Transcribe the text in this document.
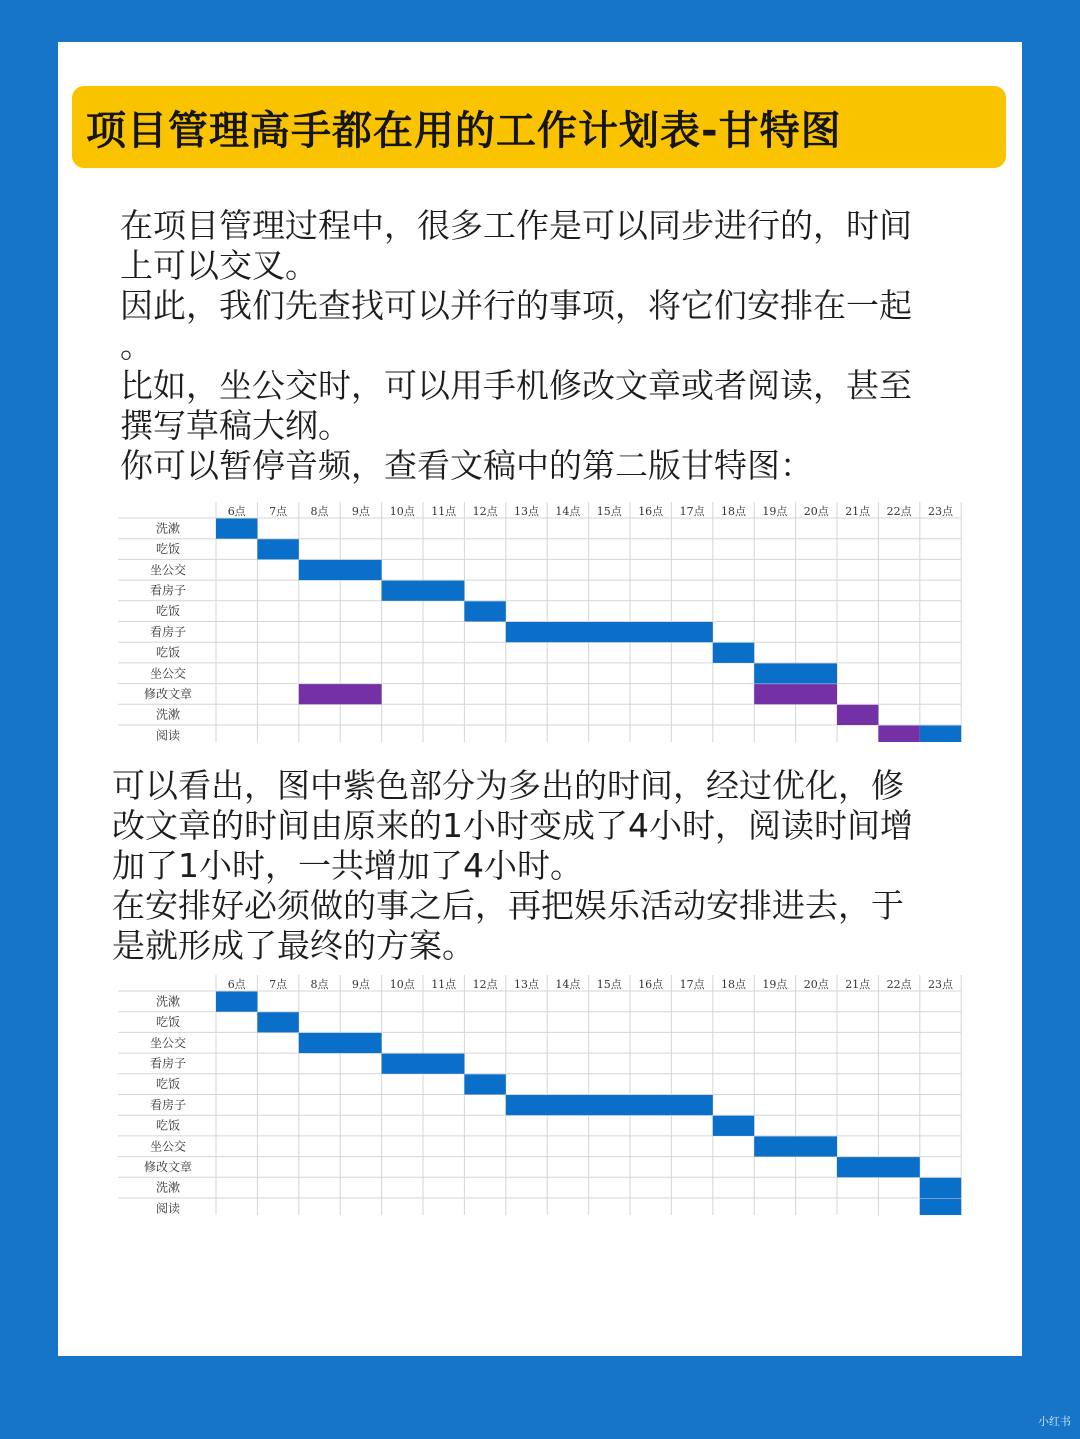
项目管理高手都在用的工作计划表-甘特图
在项目管理过程中，很多工作是可以同步进行的，时间
上可以交叉。
因此，我们先查找可以并行的事项，将它们安排在一起
。
比如，坐公交时，可以用手机修改文章或者阅读，甚至
撰写草稿大纲。
你可以暂停音频，查看文稿中的第二版甘特图：
6点 7点 8点 9点 10点 11点 12点 13点 14点 15点 16点 17点 18点 19点 20点 21点 22点 23点
洗漱
吃饭
坐公交
看房子
吃饭
看房子
吃饭
坐公交
修改文章
洗漱
阅读
可以看出，图中紫色部分为多出的时间，经过优化，修
改文章的时间由原来的1小时变成了4小时，阅读时间增
加了1小时，一共增加了4小时。
在安排好必须做的事之后，再把娱乐活动安排进去，于
是就形成了最终的方案。
6点 7点 8点 9点 10点 11点 12点 13点 14点 15点 16点 17点 18点 19点 20点 21点 22点 23点
洗漱
吃饭
坐公交
看房子
吃饭
看房子
吃饭
坐公交
修改文章
洗漱
阅读
小红书
